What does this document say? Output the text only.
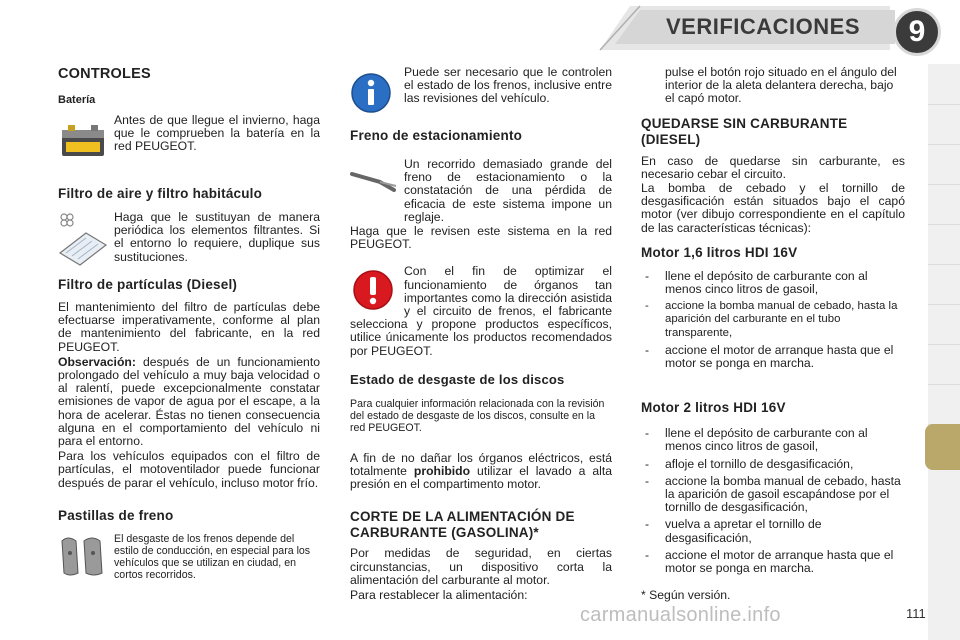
VERIFICACIONES	9
CONTROLES
Batería

Antes de que llegue el invierno, haga que le comprueben la batería en la red PEUGEOT.

Filtro de aire y filtro habitáculo

Haga que le sustituyan de manera periódica los elementos filtrantes. Si el entorno lo requiere, duplique sus sustituciones.

Filtro de partículas (Diesel)

El mantenimiento del filtro de partículas debe efectuarse imperativamente, conforme al plan de mantenimiento del fabricante, en la red PEUGEOT.

Observación: después de un funcionamiento prolongado del vehículo a muy baja velocidad o al ralentí, puede excepcionalmente constatar emisiones de vapor de agua por el escape, a la hora de acelerar. Éstas no tienen consecuencia alguna en el comportamiento del vehículo ni para el entorno.

Para los vehículos equipados con el filtro de partículas, el motoventilador puede funcionar después de parar el vehículo, incluso motor frío.

Pastillas de freno

El desgaste de los frenos depende del estilo de conducción, en especial para los vehículos que se utilizan en ciudad, en cortos recorridos.

Puede ser necesario que le controlen el estado de los frenos, inclusive entre las revisiones del vehículo.

Freno de estacionamiento

Un recorrido demasiado grande del freno de estacionamiento o la constatación de una pérdida de eficacia de este sistema impone un reglaje.

Haga que le revisen este sistema en la red PEUGEOT.

Con el fin de optimizar el funcionamiento de órganos tan importantes como la dirección asistida y el circuito de frenos, el fabricante selecciona y propone productos específicos, utilice únicamente los productos recomendados por PEUGEOT.

Estado de desgaste de los discos

Para cualquier información relacionada con la revisión del estado de desgaste de los discos, consulte en la red PEUGEOT.

A fin de no dañar los órganos eléctricos, está totalmente prohibido utilizar el lavado a alta presión en el compartimento motor.

CORTE DE LA ALIMENTACIÓN DE CARBURANTE (GASOLINA)*

Por medidas de seguridad, en ciertas circunstancias, un dispositivo corta la alimentación del carburante al motor.

Para restablecer la alimentación:

pulse el botón rojo situado en el ángulo del interior de la aleta delantera derecha, bajo el capó motor.

QUEDARSE SIN CARBURANTE (DIESEL)

En caso de quedarse sin carburante, es necesario cebar el circuito.

La bomba de cebado y el tornillo de desgasificación están situados bajo el capó motor (ver dibujo correspondiente en el capítulo de las características técnicas):

Motor 1,6 litros HDI 16V
- llene el depósito de carburante con al menos cinco litros de gasoil,
- accione la bomba manual de cebado, hasta la aparición del carburante en el tubo transparente,
- accione el motor de arranque hasta que el motor se ponga en marcha.
Motor 2 litros HDI 16V
- llene el depósito de carburante con al menos cinco litros de gasoil,
- afloje el tornillo de desgasificación,
- accione la bomba manual de cebado, hasta la aparición de gasoil escapándose por el tornillo de desgasificación,
- vuelva a apretar el tornillo de desgasificación,
- accione el motor de arranque hasta que el motor se ponga en marcha.

* Según versión.

carmanualsonline.info	111
